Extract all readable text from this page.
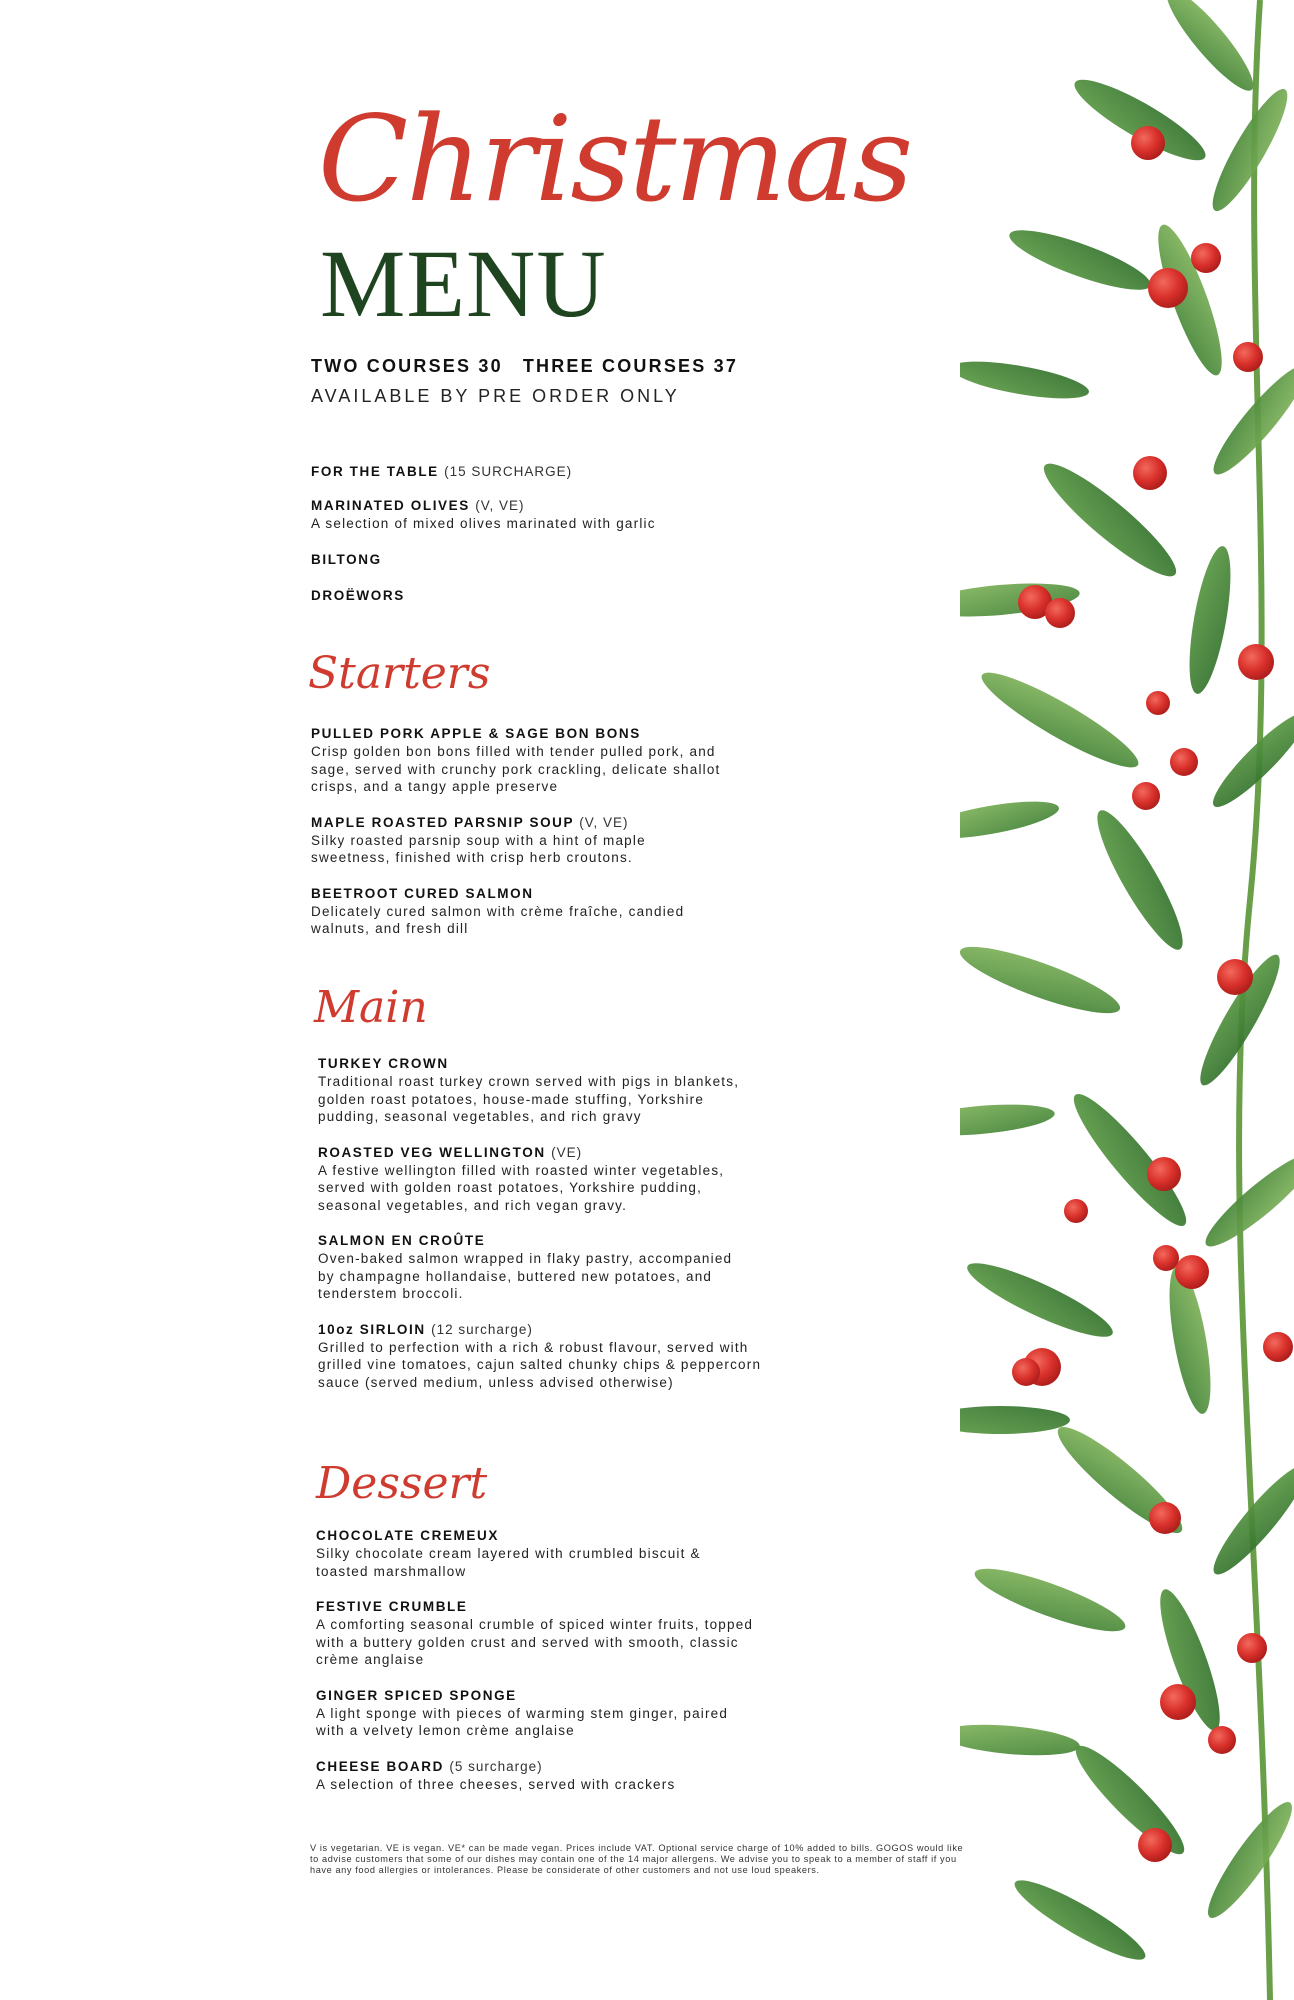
Christmas
MENU
TWO COURSES 30 THREE COURSES 37
AVAILABLE BY PRE ORDER ONLY
FOR THE TABLE (15 SURCHARGE)
MARINATED OLIVES (V, VE)
A selection of mixed olives marinated with garlic
BILTONG
DROËWORS
Starters
PULLED PORK APPLE & SAGE BON BONS
Crisp golden bon bons filled with tender pulled pork, and sage, served with crunchy pork crackling, delicate shallot crisps, and a tangy apple preserve
MAPLE ROASTED PARSNIP SOUP (V, VE)
Silky roasted parsnip soup with a hint of maple sweetness, finished with crisp herb croutons.
BEETROOT CURED SALMON
Delicately cured salmon with crème fraîche, candied walnuts, and fresh dill
Main
TURKEY CROWN
Traditional roast turkey crown served with pigs in blankets, golden roast potatoes, house-made stuffing, Yorkshire pudding, seasonal vegetables, and rich gravy
ROASTED VEG WELLINGTON (VE)
A festive wellington filled with roasted winter vegetables, served with golden roast potatoes, Yorkshire pudding, seasonal vegetables, and rich vegan gravy.
SALMON EN CROÛTE
Oven-baked salmon wrapped in flaky pastry, accompanied by champagne hollandaise, buttered new potatoes, and tenderstem broccoli.
10oz SIRLOIN (12 surcharge)
Grilled to perfection with a rich & robust flavour, served with grilled vine tomatoes, cajun salted chunky chips & peppercorn sauce (served medium, unless advised otherwise)
Dessert
CHOCOLATE CREMEUX
Silky chocolate cream layered with crumbled biscuit & toasted marshmallow
FESTIVE CRUMBLE
A comforting seasonal crumble of spiced winter fruits, topped with a buttery golden crust and served with smooth, classic crème anglaise
GINGER SPICED SPONGE
A light sponge with pieces of warming stem ginger, paired with a velvety lemon crème anglaise
CHEESE BOARD (5 surcharge)
A selection of three cheeses, served with crackers
V is vegetarian. VE is vegan. VE* can be made vegan. Prices include VAT. Optional service charge of 10% added to bills. GOGOS would like to advise customers that some of our dishes may contain one of the 14 major allergens. We advise you to speak to a member of staff if you have any food allergies or intolerances. Please be considerate of other customers and not use loud speakers.
